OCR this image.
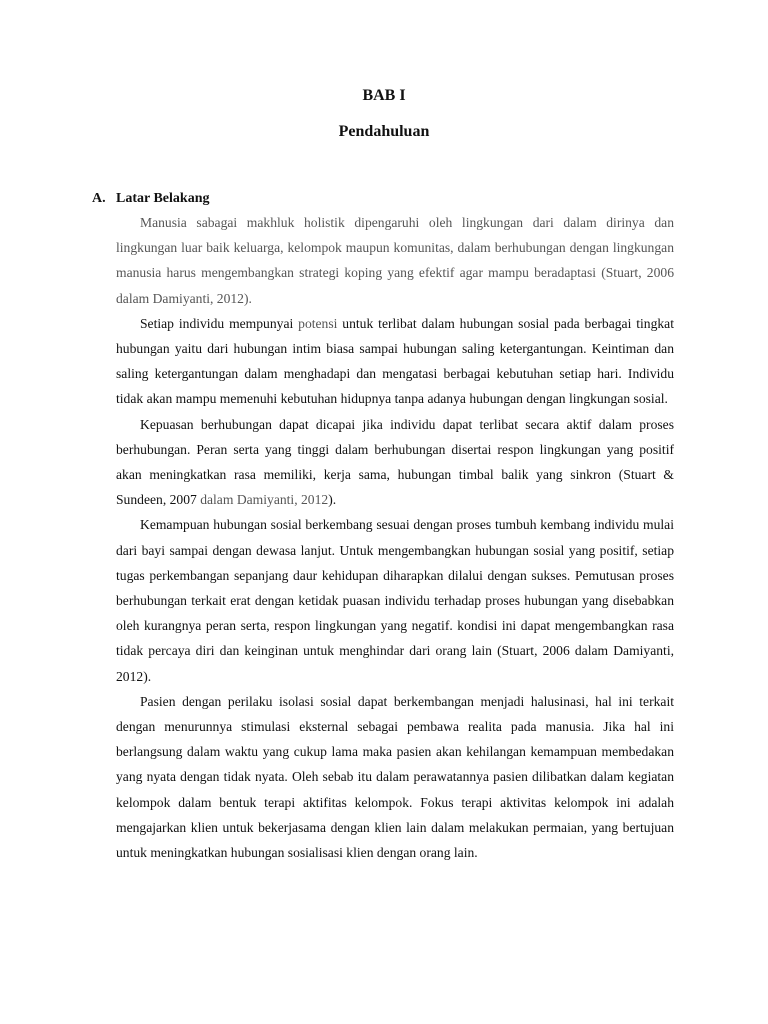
BAB I
Pendahuluan
A. Latar Belakang

Manusia sabagai makhluk holistik dipengaruhi oleh lingkungan dari dalam dirinya dan lingkungan luar baik keluarga, kelompok maupun komunitas, dalam berhubungan dengan lingkungan manusia harus mengembangkan strategi koping yang efektif agar mampu beradaptasi (Stuart, 2006 dalam Damiyanti, 2012).

Setiap individu mempunyai potensi untuk terlibat dalam hubungan sosial pada berbagai tingkat hubungan yaitu dari hubungan intim biasa sampai hubungan saling ketergantungan. Keintiman dan saling ketergantungan dalam menghadapi dan mengatasi berbagai kebutuhan setiap hari. Individu tidak akan mampu memenuhi kebutuhan hidupnya tanpa adanya hubungan dengan lingkungan sosial.

Kepuasan berhubungan dapat dicapai jika individu dapat terlibat secara aktif dalam proses berhubungan. Peran serta yang tinggi dalam berhubungan disertai respon lingkungan yang positif akan meningkatkan rasa memiliki, kerja sama, hubungan timbal balik yang sinkron (Stuart & Sundeen, 2007 dalam Damiyanti, 2012).

Kemampuan hubungan sosial berkembang sesuai dengan proses tumbuh kembang individu mulai dari bayi sampai dengan dewasa lanjut. Untuk mengembangkan hubungan sosial yang positif, setiap tugas perkembangan sepanjang daur kehidupan diharapkan dilalui dengan sukses. Pemutusan proses berhubungan terkait erat dengan ketidak puasan individu terhadap proses hubungan yang disebabkan oleh kurangnya peran serta, respon lingkungan yang negatif. kondisi ini dapat mengembangkan rasa tidak percaya diri dan keinginan untuk menghindar dari orang lain (Stuart, 2006 dalam Damiyanti, 2012).

Pasien dengan perilaku isolasi sosial dapat berkembangan menjadi halusinasi, hal ini terkait dengan menurunnya stimulasi eksternal sebagai pembawa realita pada manusia. Jika hal ini berlangsung dalam waktu yang cukup lama maka pasien akan kehilangan kemampuan membedakan yang nyata dengan tidak nyata. Oleh sebab itu dalam perawatannya pasien dilibatkan dalam kegiatan kelompok dalam bentuk terapi aktifitas kelompok. Fokus terapi aktivitas kelompok ini adalah mengajarkan klien untuk bekerjasama dengan klien lain dalam melakukan permaian, yang bertujuan untuk meningkatkan hubungan sosialisasi klien dengan orang lain.
